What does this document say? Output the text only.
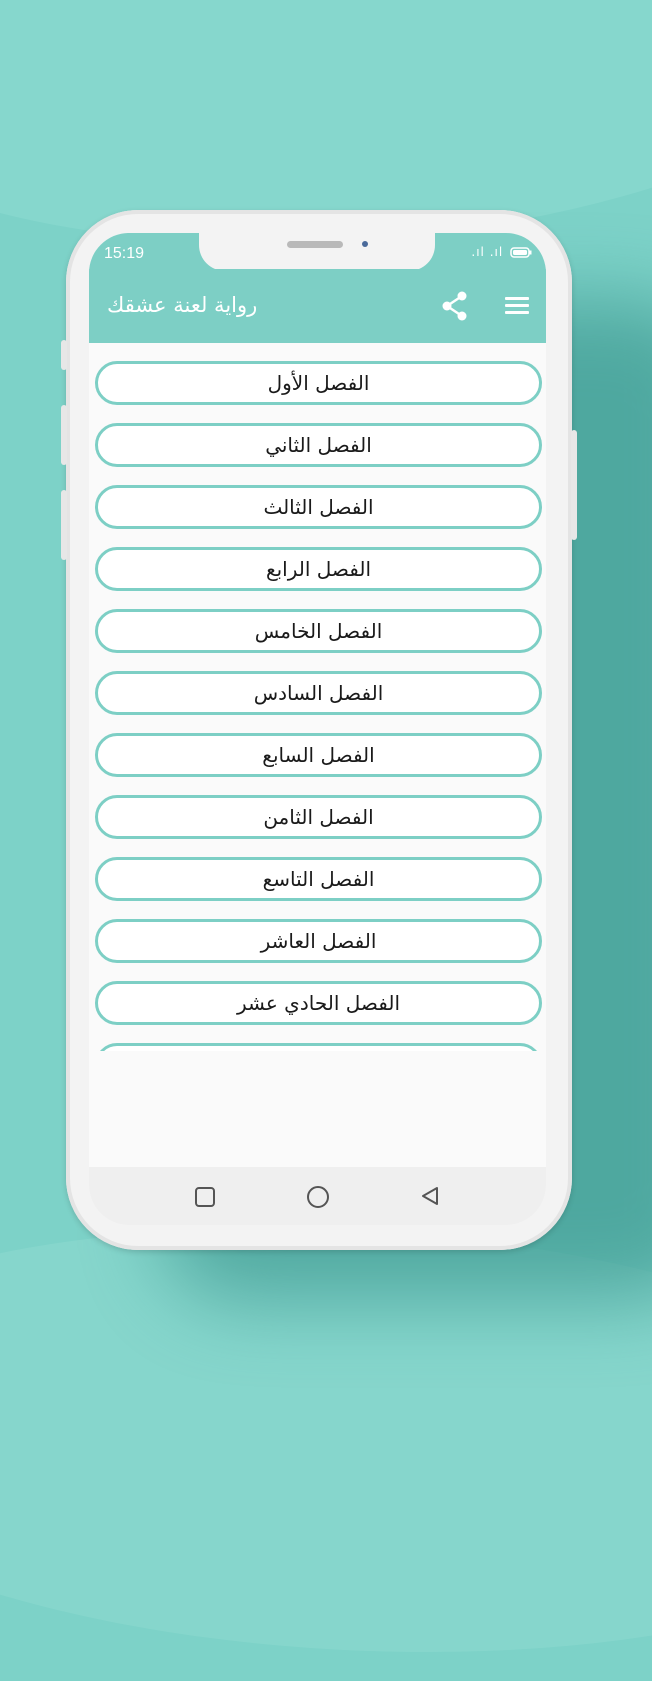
15:19	.ıl .ıl
رواية لعنة عشقك
الفصل الأول
الفصل الثاني
الفصل الثالث
الفصل الرابع
الفصل الخامس
الفصل السادس
الفصل السابع
الفصل الثامن
الفصل التاسع
الفصل العاشر
الفصل الحادي عشر
